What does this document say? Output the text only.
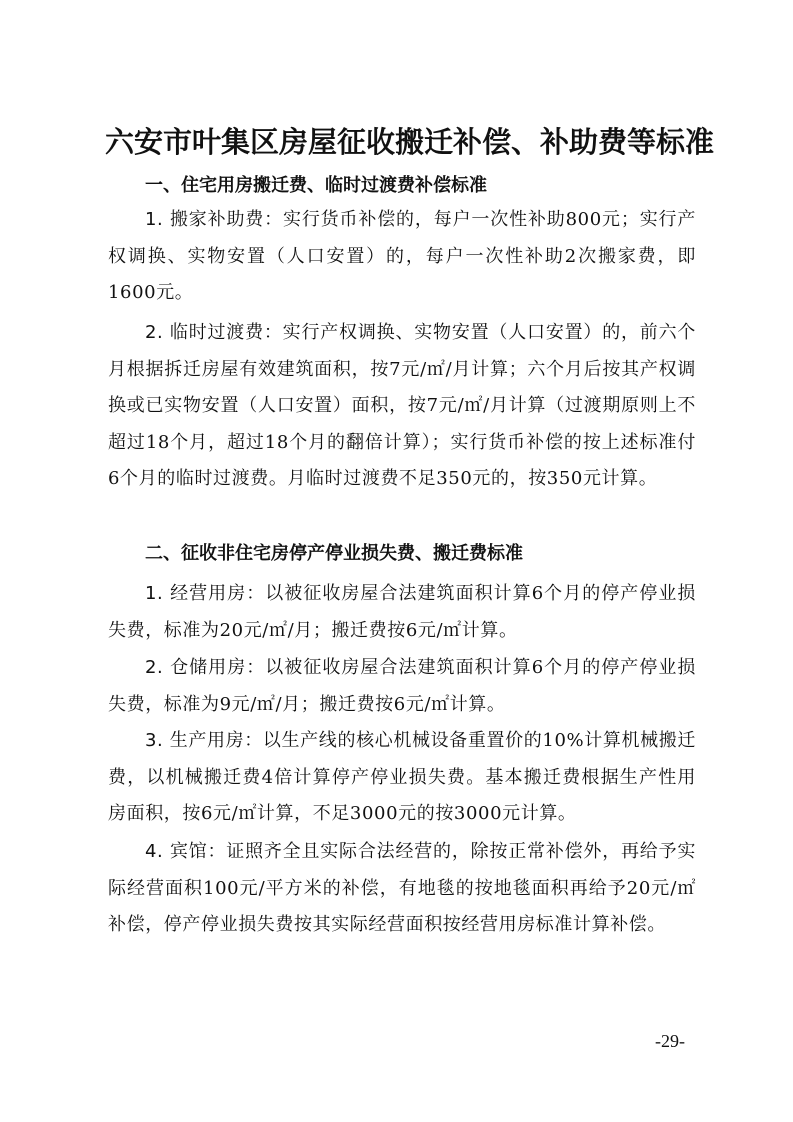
六安市叶集区房屋征收搬迁补偿、补助费等标准
一、住宅用房搬迁费、临时过渡费补偿标准

1. 搬家补助费：实行货币补偿的，每户一次性补助800元；实行产权调换、实物安置（人口安置）的，每户一次性补助2次搬家费，即1600元。

2. 临时过渡费：实行产权调换、实物安置（人口安置）的，前六个月根据拆迁房屋有效建筑面积，按7元/㎡/月计算；六个月后按其产权调换或已实物安置（人口安置）面积，按7元/㎡/月计算（过渡期原则上不超过18个月，超过18个月的翻倍计算）；实行货币补偿的按上述标准付6个月的临时过渡费。月临时过渡费不足350元的，按350元计算。

二、征收非住宅房停产停业损失费、搬迁费标准

1. 经营用房：以被征收房屋合法建筑面积计算6个月的停产停业损失费，标准为20元/㎡/月；搬迁费按6元/㎡计算。

2. 仓储用房：以被征收房屋合法建筑面积计算6个月的停产停业损失费，标准为9元/㎡/月；搬迁费按6元/㎡计算。

3. 生产用房：以生产线的核心机械设备重置价的10%计算机械搬迁费，以机械搬迁费4倍计算停产停业损失费。基本搬迁费根据生产性用房面积，按6元/㎡计算，不足3000元的按3000元计算。

4. 宾馆：证照齐全且实际合法经营的，除按正常补偿外，再给予实际经营面积100元/平方米的补偿，有地毯的按地毯面积再给予20元/㎡补偿，停产停业损失费按其实际经营面积按经营用房标准计算补偿。

-29-
